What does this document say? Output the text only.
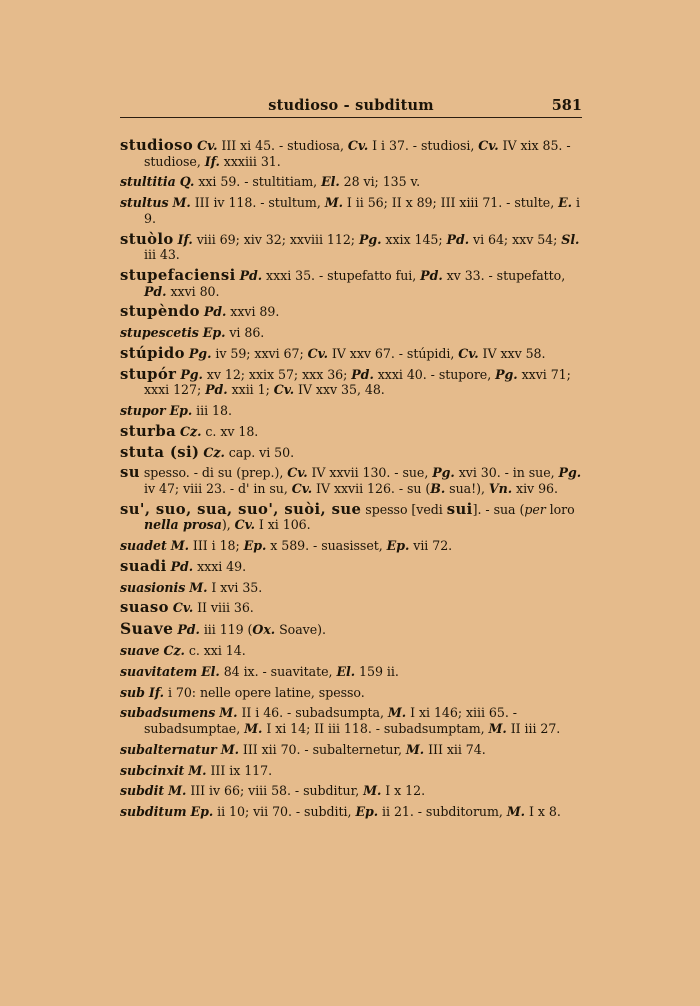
studioso - subditum	581
studioso Cv. III xi 45. - studiosa, Cv. I i 37. - studiosi, Cv. IV xix 85. - studiose, If. xxxiii 31.
stultitia Q. xxi 59. - stultitiam, El. 28 vi; 135 v.
stultus M. III iv 118. - stultum, M. I ii 56; II x 89; III xiii 71. - stulte, E. i 9.
stuòlo If. viii 69; xiv 32; xxviii 112; Pg. xxix 145; Pd. vi 64; xxv 54; Sl. iii 43.
stupefaciensi Pd. xxxi 35. - stupefatto fui, Pd. xv 33. - stupefatto, Pd. xxvi 80.
stupèndo Pd. xxvi 89.
stupescetis Ep. vi 86.
stúpido Pg. iv 59; xxvi 67; Cv. IV xxv 67. - stúpidi, Cv. IV xxv 58.
stupór Pg. xv 12; xxix 57; xxx 36; Pd. xxxi 40. - stupore, Pg. xxvi 71; xxxi 127; Pd. xxii 1; Cv. IV xxv 35, 48.
stupor Ep. iii 18.
sturba Cz. c. xv 18.
stuta (si) Cz. cap. vi 50.
su spesso. - di su (prep.), Cv. IV xxvii 130. - sue, Pg. xvi 30. - in sue, Pg. iv 47; viii 23. - d' in su, Cv. IV xxvii 126. - su (B. sua!), Vn. xiv 96.
su', suo, sua, suo', suòi, sue spesso [vedi sui]. - sua (per loro nella prosa), Cv. I xi 106.
suadet M. III i 18; Ep. x 589. - suasisset, Ep. vii 72.
suadi Pd. xxxi 49.
suasionis M. I xvi 35.
suaso Cv. II viii 36.
Suave Pd. iii 119 (Ox. Soave).
suave Cz. c. xxi 14.
suavitatem El. 84 ix. - suavitate, El. 159 ii.
sub If. i 70: nelle opere latine, spesso.
subadsumens M. II i 46. - subadsumpta, M. I xi 146; xiii 65. - subadsumptae, M. I xi 14; II iii 118. - subadsumptam, M. II iii 27.
subalternatur M. III xii 70. - subalternetur, M. III xii 74.
subcinxit M. III ix 117.
subdit M. III iv 66; viii 58. - subditur, M. I x 12.
subditum Ep. ii 10; vii 70. - subditi, Ep. ii 21. - subditorum, M. I x 8.
